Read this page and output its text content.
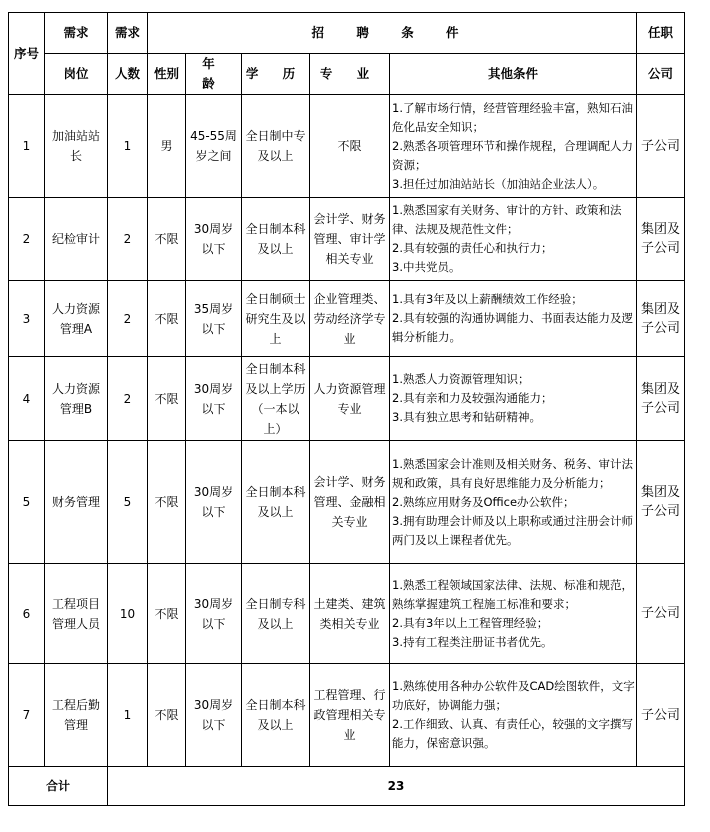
序号	需求	需求	招 聘 条 件					任职
	岗位	人数	性别	年 龄	学 历	专 业	其他条件	公司
1	加油站站长	1	男	45-55周岁之间	全日制中专及以上	不限	1.了解市场行情，经营管理经验丰富，熟知石油危化品安全知识；
2.熟悉各项管理环节和操作规程，合理调配人力资源；
3.担任过加油站站长（加油站企业法人）。	子公司
2	纪检审计	2	不限	30周岁以下	全日制本科及以上	会计学、财务管理、审计学相关专业	1.熟悉国家有关财务、审计的方针、政策和法律、法规及规范性文件；
2.具有较强的责任心和执行力；
3.中共党员。	集团及子公司
3	人力资源管理A	2	不限	35周岁以下	全日制硕士研究生及以上	企业管理类、劳动经济学专业	1.具有3年及以上薪酬绩效工作经验；
2.具有较强的沟通协调能力、书面表达能力及逻辑分析能力。	集团及子公司
4	人力资源管理B	2	不限	30周岁以下	全日制本科及以上学历（一本以上）	人力资源管理专业	1.熟悉人力资源管理知识；
2.具有亲和力及较强沟通能力；
3.具有独立思考和钻研精神。	集团及子公司
5	财务管理	5	不限	30周岁以下	全日制本科及以上	会计学、财务管理、金融相关专业	1.熟悉国家会计准则及相关财务、税务、审计法规和政策，具有良好思维能力及分析能力；
2.熟练应用财务及Office办公软件；
3.拥有助理会计师及以上职称或通过注册会计师两门及以上课程者优先。	集团及子公司
6	工程项目管理人员	10	不限	30周岁以下	全日制专科及以上	土建类、建筑类相关专业	1.熟悉工程领域国家法律、法规、标准和规范，熟练掌握建筑工程施工标准和要求；
2.具有3年以上工程管理经验；
3.持有工程类注册证书者优先。	子公司
7	工程后勤管理	1	不限	30周岁以下	全日制本科及以上	工程管理、行政管理相关专业	1.熟练使用各种办公软件及CAD绘图软件，文字功底好，协调能力强；
2.工作细致、认真、有责任心，较强的文字撰写能力，保密意识强。	子公司
合计		23						
